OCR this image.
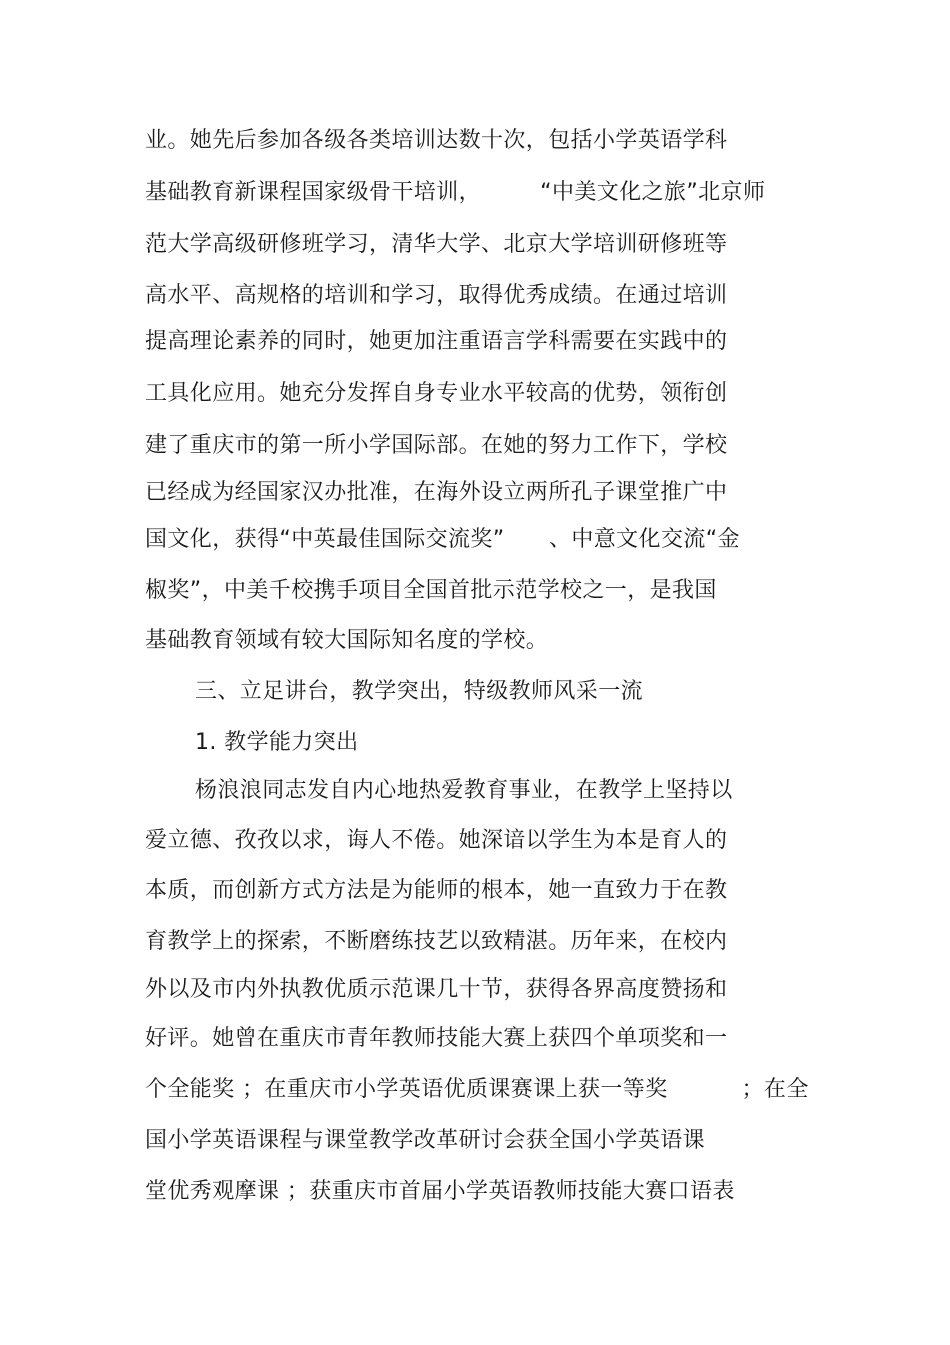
业。她先后参加各级各类培训达数十次，包括小学英语学科
基础教育新课程国家级骨干培训，        “中美文化之旅”北京师
范大学高级研修班学习，清华大学、北京大学培训研修班等
高水平、高规格的培训和学习，取得优秀成绩。在通过培训
提高理论素养的同时，她更加注重语言学科需要在实践中的
工具化应用。她充分发挥自身专业水平较高的优势，领衔创
建了重庆市的第一所小学国际部。在她的努力工作下，学校
已经成为经国家汉办批准，在海外设立两所孔子课堂推广中
国文化，获得“中英最佳国际交流奖”      、中意文化交流“金
椒奖”，中美千校携手项目全国首批示范学校之一，是我国
基础教育领域有较大国际知名度的学校。
三、立足讲台，教学突出，特级教师风采一流
1. 教学能力突出
杨浪浪同志发自内心地热爱教育事业，在教学上坚持以
爱立德、孜孜以求，诲人不倦。她深谙以学生为本是育人的
本质，而创新方式方法是为能师的根本，她一直致力于在教
育教学上的探索，不断磨练技艺以致精湛。历年来，在校内
外以及市内外执教优质示范课几十节，获得各界高度赞扬和
好评。她曾在重庆市青年教师技能大赛上获四个单项奖和一
个全能奖 ；在重庆市小学英语优质课赛课上获一等奖          ；在全
国小学英语课程与课堂教学改革研讨会获全国小学英语课
堂优秀观摩课 ；获重庆市首届小学英语教师技能大赛口语表
